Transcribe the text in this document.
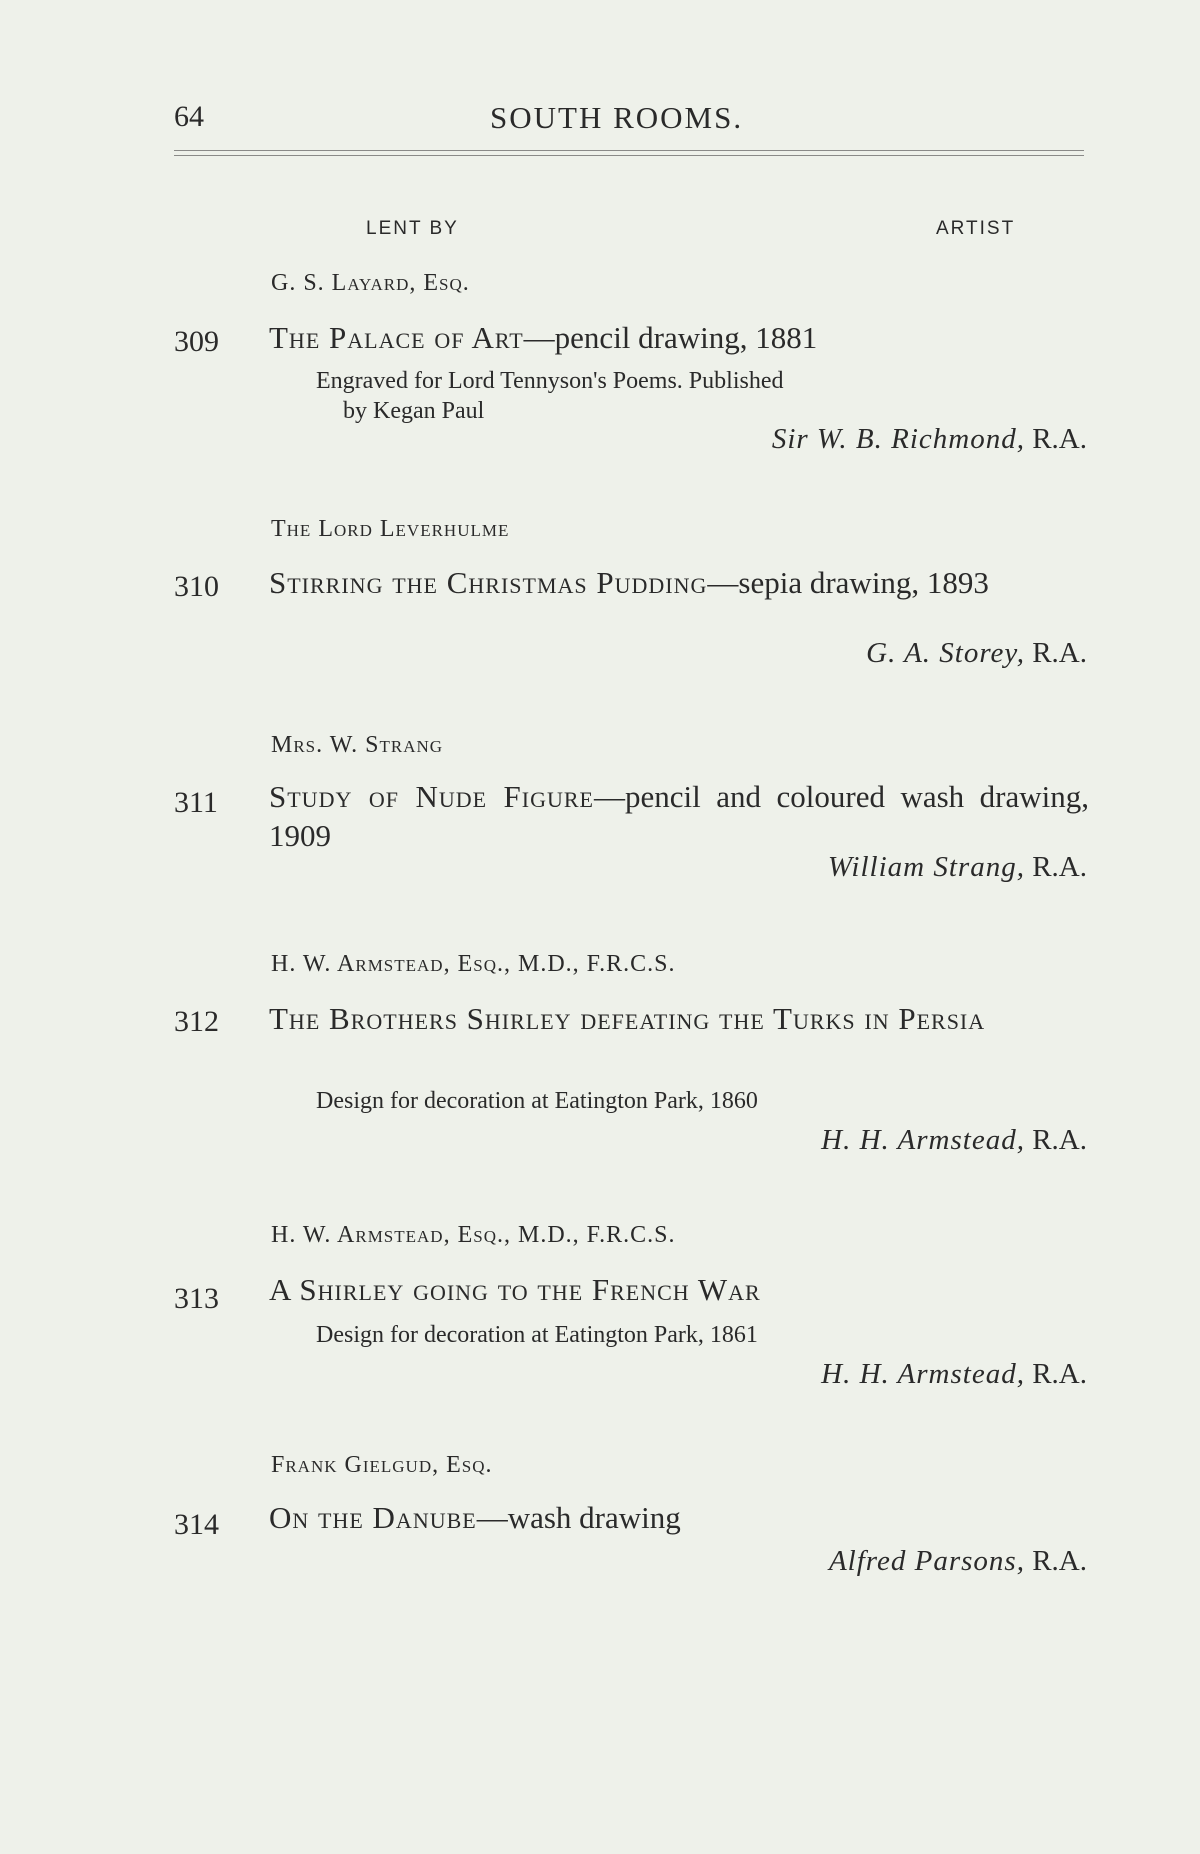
64	SOUTH ROOMS.
LENT BY	ARTIST
G. S. Layard, Esq.
309 The Palace of Art—pencil drawing, 1881
Engraved for Lord Tennyson's Poems. Published
by Kegan Paul
Sir W. B. Richmond, R.A.
The Lord Leverhulme
310 Stirring the Christmas Pudding—sepia drawing, 1893
G. A. Storey, R.A.
Mrs. W. Strang
311 Study of Nude Figure—pencil and coloured wash drawing, 1909
William Strang, R.A.
H. W. Armstead, Esq., M.D., F.R.C.S.
312 The Brothers Shirley defeating the Turks in Persia
Design for decoration at Eatington Park, 1860
H. H. Armstead, R.A.
H. W. Armstead, Esq., M.D., F.R.C.S.
313 A Shirley going to the French War
Design for decoration at Eatington Park, 1861
H. H. Armstead, R.A.
Frank Gielgud, Esq.
314 On the Danube—wash drawing
Alfred Parsons, R.A.
